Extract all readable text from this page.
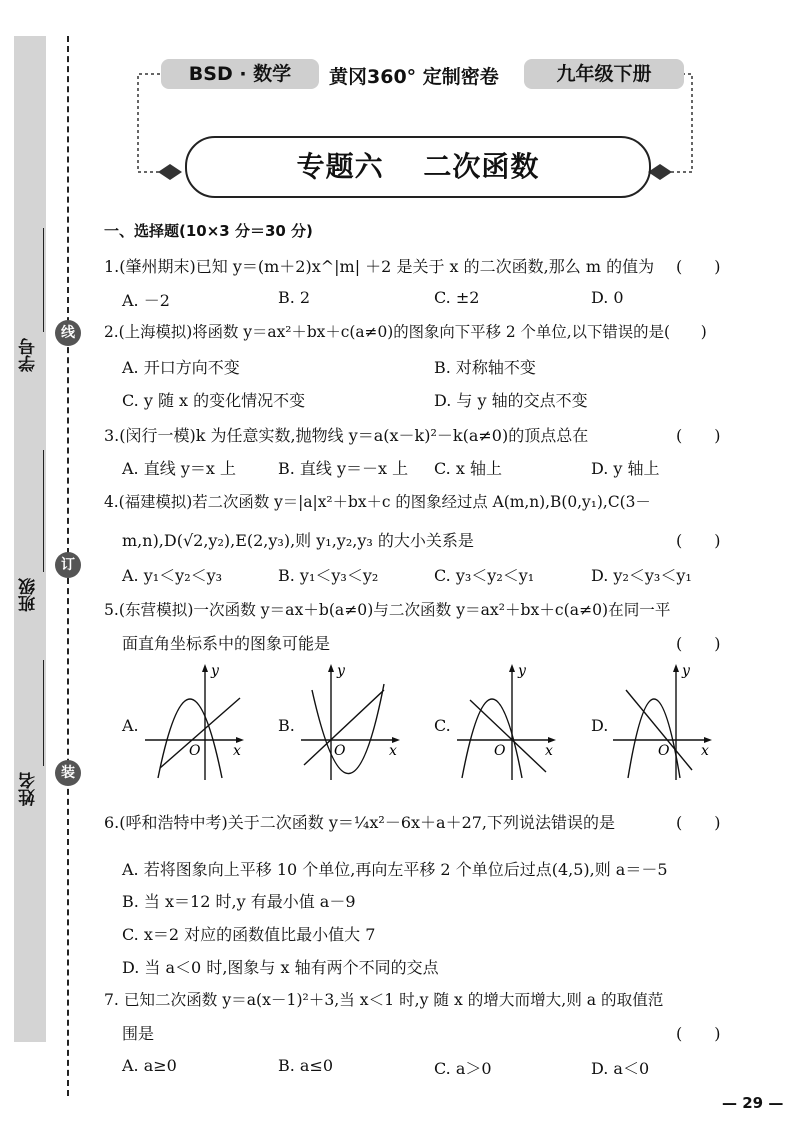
学号
班级
姓名
线
订
装
BSD · 数学	黄冈360° 定制密卷	九年级下册
专题六　 二次函数
一、选择题(10×3 分＝30 分)
1.(肇州期末)已知 y＝(m＋2)x^|m| ＋2 是关于 x 的二次函数,那么 m 的值为 (　　)
A. －2	B. 2	C. ±2	D. 0
2.(上海模拟)将函数 y＝ax²＋bx＋c(a≠0)的图象向下平移 2 个单位,以下错误的是(　　)
A. 开口方向不变	B. 对称轴不变
C. y 随 x 的变化情况不变	D. 与 y 轴的交点不变
3.(闵行一模)k 为任意实数,抛物线 y＝a(x－k)²－k(a≠0)的顶点总在	(　　)
A. 直线 y＝x 上	B. 直线 y＝－x 上 C. x 轴上	D. y 轴上
4.(福建模拟)若二次函数 y＝|a|x²＋bx＋c 的图象经过点 A(m,n),B(0,y₁),C(3－
m,n),D(√2,y₂),E(2,y₃),则 y₁,y₂,y₃ 的大小关系是	(　　)
A. y₁＜y₂＜y₃	B. y₁＜y₃＜y₂	C. y₃＜y₂＜y₁	D. y₂＜y₃＜y₁
5.(东营模拟)一次函数 y＝ax＋b(a≠0)与二次函数 y＝ax²＋bx＋c(a≠0)在同一平
面直角坐标系中的图象可能是	(　　)
A.
x
y
O
B.
x
y
O
C.
x
y
O
D.
x
y
O
6.(呼和浩特中考)关于二次函数 y＝¼x²－6x＋a＋27,下列说法错误的是	(　　)
A. 若将图象向上平移 10 个单位,再向左平移 2 个单位后过点(4,5),则 a＝－5
B. 当 x＝12 时,y 有最小值 a－9
C. x＝2 对应的函数值比最小值大 7
D. 当 a＜0 时,图象与 x 轴有两个不同的交点
7. 已知二次函数 y＝a(x－1)²＋3,当 x＜1 时,y 随 x 的增大而增大,则 a 的取值范
围是	(　　)
A. a≥0	B. a≤0	C. a＞0	D. a＜0
— 29 —
